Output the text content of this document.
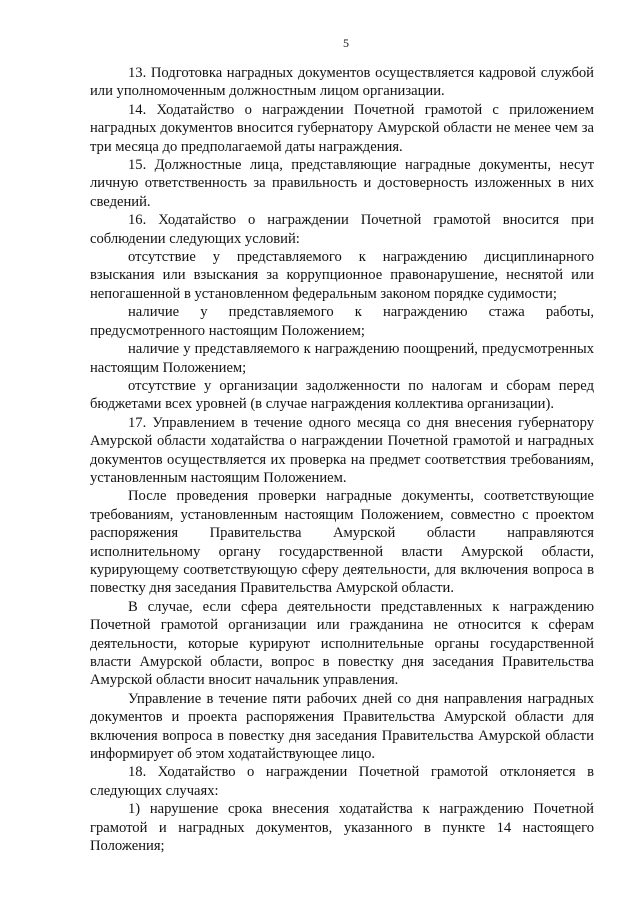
5

13. Подготовка наградных документов осуществляется кадровой службой или уполномоченным должностным лицом организации.

14. Ходатайство о награждении Почетной грамотой с приложением наградных документов вносится губернатору Амурской области не менее чем за три месяца до предполагаемой даты награждения.

15. Должностные лица, представляющие наградные документы, несут личную ответственность за правильность и достоверность изложенных в них сведений.

16. Ходатайство о награждении Почетной грамотой вносится при соблюдении следующих условий:

отсутствие у представляемого к награждению дисциплинарного взыскания или взыскания за коррупционное правонарушение, неснятой или непогашенной в установленном федеральным законом порядке судимости;

наличие у представляемого к награждению стажа работы, предусмотренного настоящим Положением;

наличие у представляемого к награждению поощрений, предусмотренных настоящим Положением;

отсутствие у организации задолженности по налогам и сборам перед бюджетами всех уровней (в случае награждения коллектива организации).

17. Управлением в течение одного месяца со дня внесения губернатору Амурской области ходатайства о награждении Почетной грамотой и наградных документов осуществляется их проверка на предмет соответствия требованиям, установленным настоящим Положением.

После проведения проверки наградные документы, соответствующие требованиям, установленным настоящим Положением, совместно с проектом распоряжения Правительства Амурской области направляются исполнительному органу государственной власти Амурской области, курирующему соответствующую сферу деятельности, для включения вопроса в повестку дня заседания Правительства Амурской области.

В случае, если сфера деятельности представленных к награждению Почетной грамотой организации или гражданина не относится к сферам деятельности, которые курируют исполнительные органы государственной власти Амурской области, вопрос в повестку дня заседания Правительства Амурской области вносит начальник управления.

Управление в течение пяти рабочих дней со дня направления наградных документов и проекта распоряжения Правительства Амурской области для включения вопроса в повестку дня заседания Правительства Амурской области информирует об этом ходатайствующее лицо.

18. Ходатайство о награждении Почетной грамотой отклоняется в следующих случаях:

1) нарушение срока внесения ходатайства к награждению Почетной грамотой и наградных документов, указанного в пункте 14 настоящего Положения;
